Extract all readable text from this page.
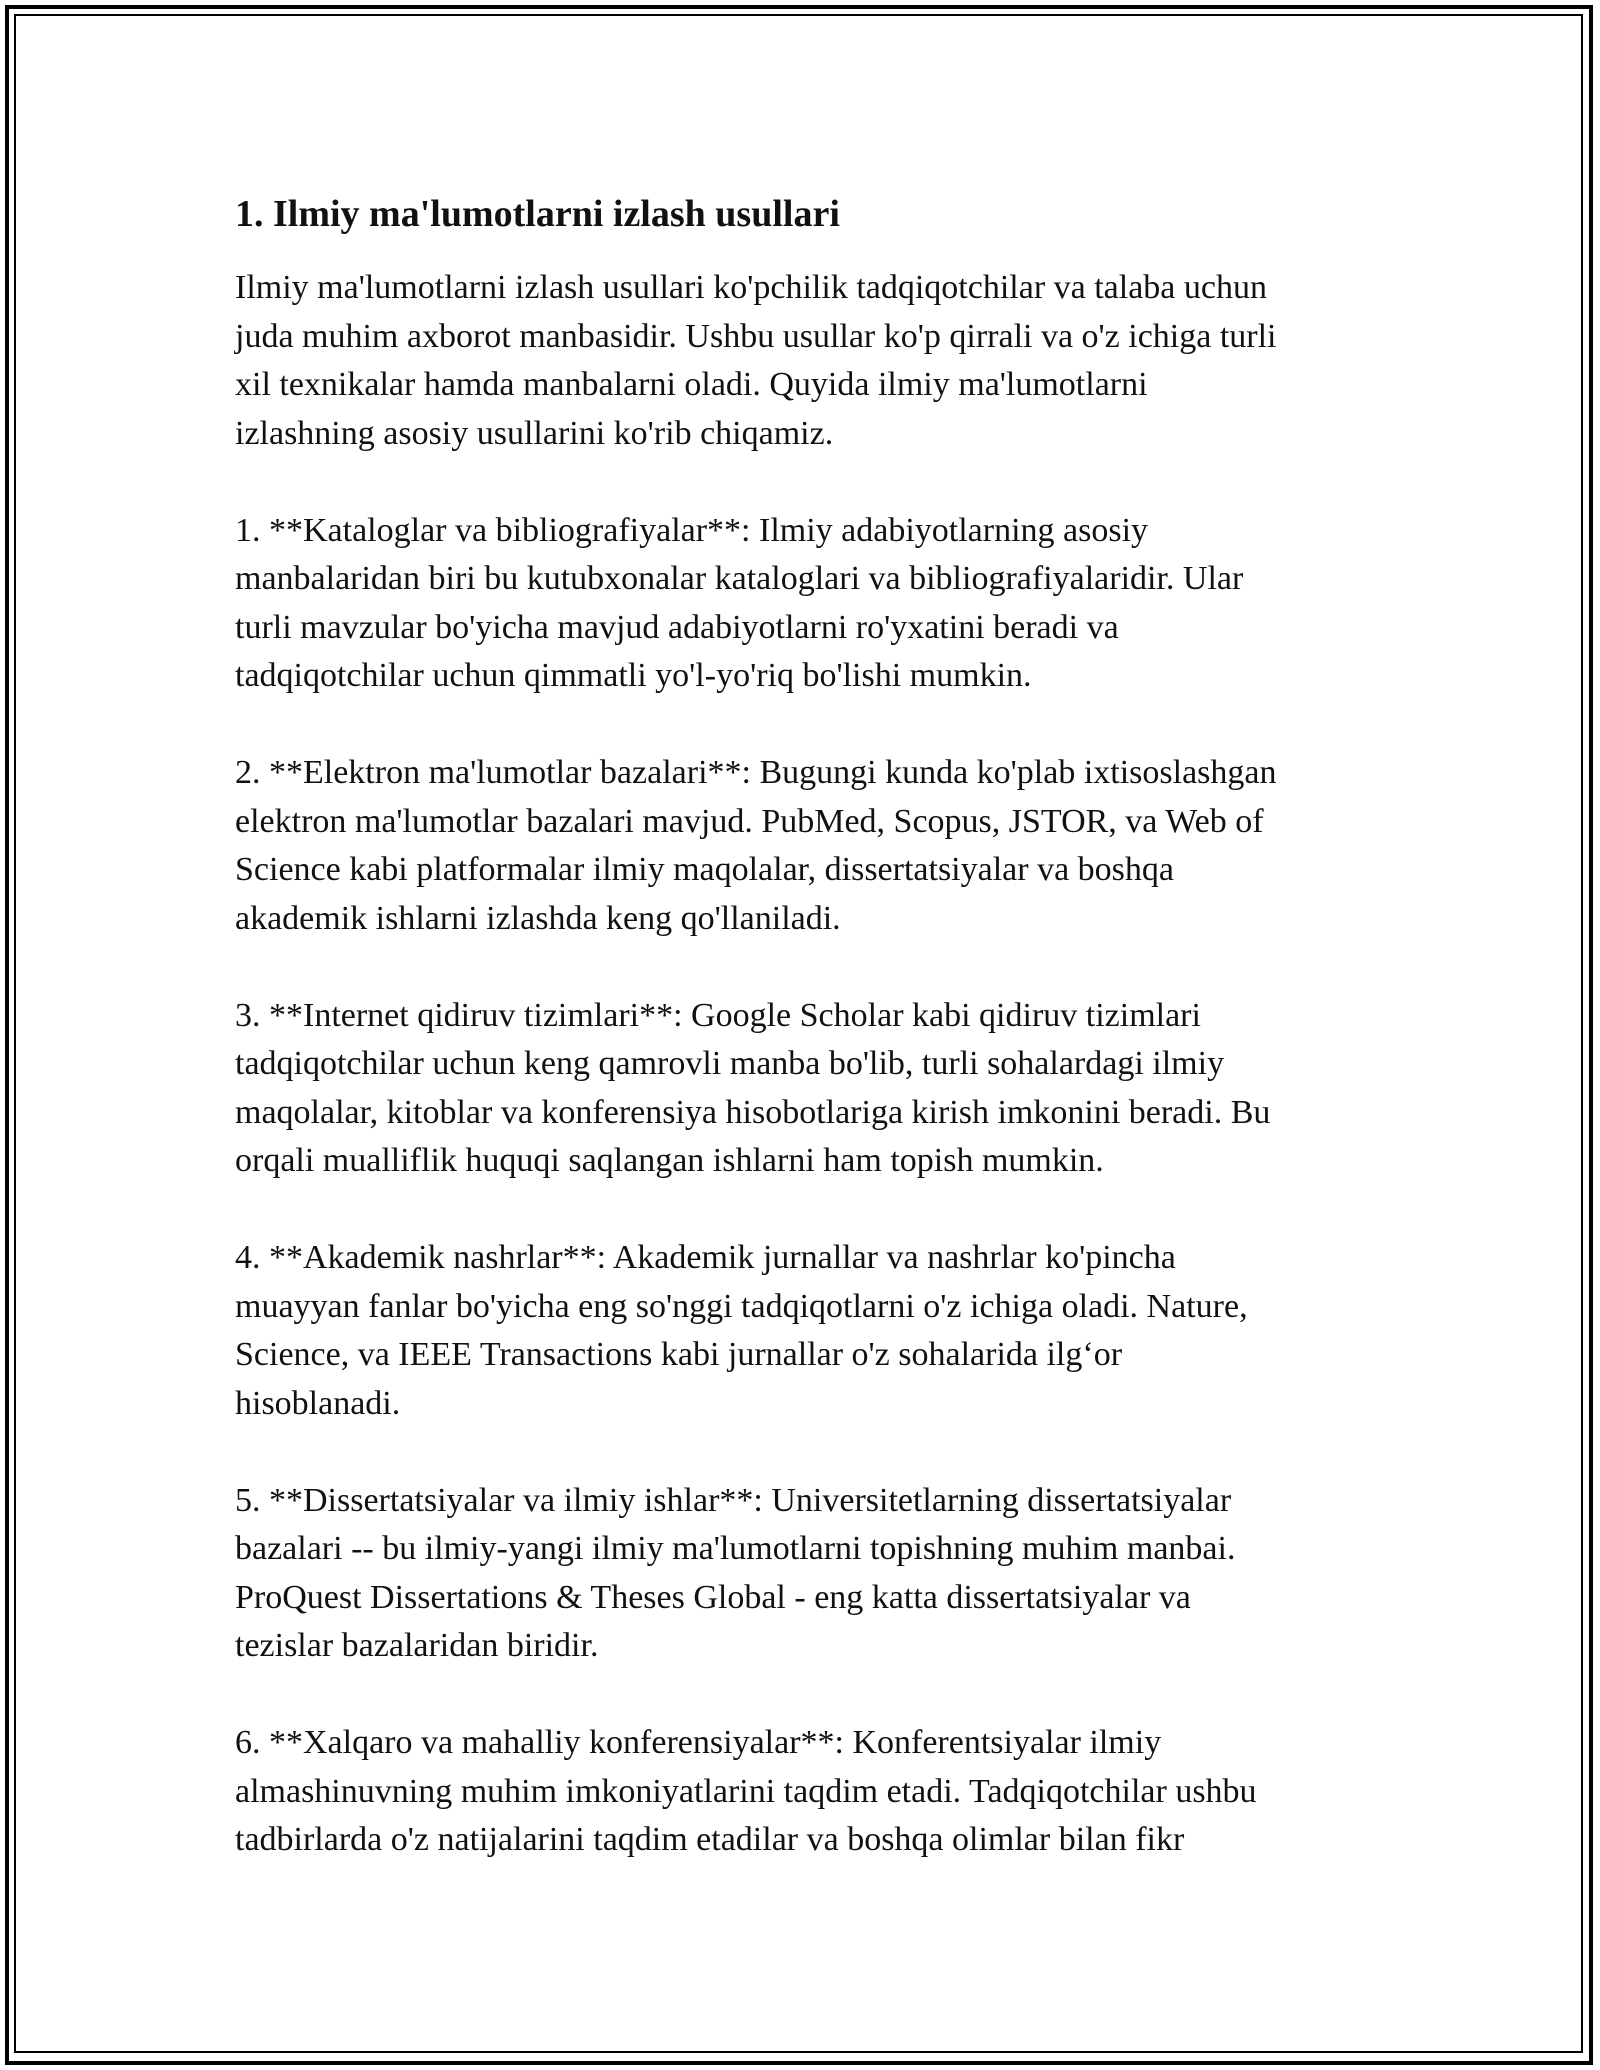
1. Ilmiy ma'lumotlarni izlash usullari
Ilmiy ma'lumotlarni izlash usullari ko'pchilik tadqiqotchilar va talaba uchun
juda muhim axborot manbasidir. Ushbu usullar ko'p qirrali va o'z ichiga turli
xil texnikalar hamda manbalarni oladi. Quyida ilmiy ma'lumotlarni
izlashning asosiy usullarini ko'rib chiqamiz.
1. **Kataloglar va bibliografiyalar**: Ilmiy adabiyotlarning asosiy
manbalaridan biri bu kutubxonalar kataloglari va bibliografiyalaridir. Ular
turli mavzular bo'yicha mavjud adabiyotlarni ro'yxatini beradi va
tadqiqotchilar uchun qimmatli yo'l-yo'riq bo'lishi mumkin.
2. **Elektron ma'lumotlar bazalari**: Bugungi kunda ko'plab ixtisoslashgan
elektron ma'lumotlar bazalari mavjud. PubMed, Scopus, JSTOR, va Web of
Science kabi platformalar ilmiy maqolalar, dissertatsiyalar va boshqa
akademik ishlarni izlashda keng qo'llaniladi.
3. **Internet qidiruv tizimlari**: Google Scholar kabi qidiruv tizimlari
tadqiqotchilar uchun keng qamrovli manba bo'lib, turli sohalardagi ilmiy
maqolalar, kitoblar va konferensiya hisobotlariga kirish imkonini beradi. Bu
orqali mualliflik huquqi saqlangan ishlarni ham topish mumkin.
4. **Akademik nashrlar**: Akademik jurnallar va nashrlar ko'pincha
muayyan fanlar bo'yicha eng so'nggi tadqiqotlarni o'z ichiga oladi. Nature,
Science, va IEEE Transactions kabi jurnallar o'z sohalarida ilg‘or
hisoblanadi.
5. **Dissertatsiyalar va ilmiy ishlar**: Universitetlarning dissertatsiyalar
bazalari -- bu ilmiy-yangi ilmiy ma'lumotlarni topishning muhim manbai.
ProQuest Dissertations & Theses Global - eng katta dissertatsiyalar va
tezislar bazalaridan biridir.
6. **Xalqaro va mahalliy konferensiyalar**: Konferentsiyalar ilmiy
almashinuvning muhim imkoniyatlarini taqdim etadi. Tadqiqotchilar ushbu
tadbirlarda o'z natijalarini taqdim etadilar va boshqa olimlar bilan fikr
